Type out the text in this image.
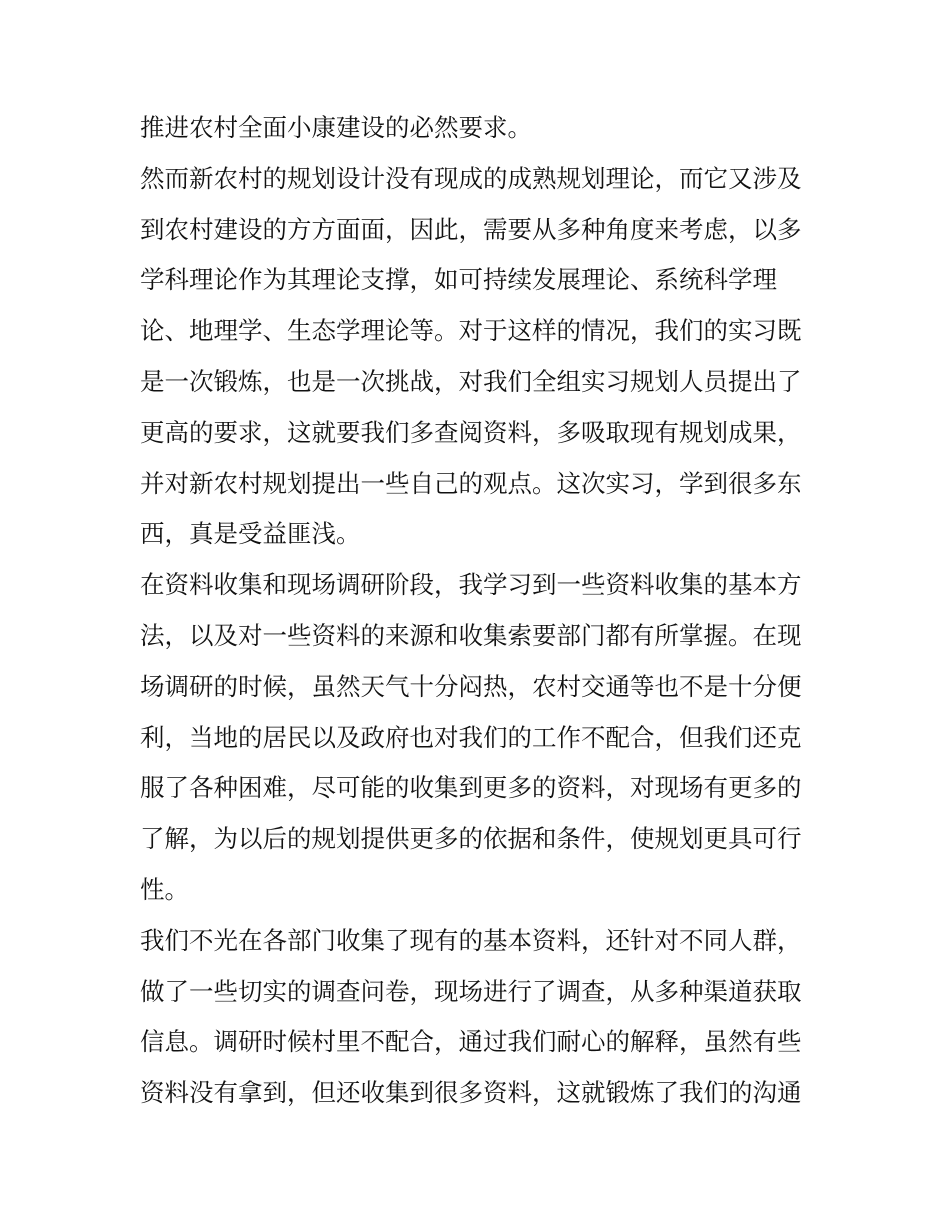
推进农村全面小康建设的必然要求。
然而新农村的规划设计没有现成的成熟规划理论，而它又涉及
到农村建设的方方面面，因此，需要从多种角度来考虑，以多
学科理论作为其理论支撑，如可持续发展理论、系统科学理
论、地理学、生态学理论等。对于这样的情况，我们的实习既
是一次锻炼，也是一次挑战，对我们全组实习规划人员提出了
更高的要求，这就要我们多查阅资料，多吸取现有规划成果，
并对新农村规划提出一些自己的观点。这次实习，学到很多东
西，真是受益匪浅。
在资料收集和现场调研阶段，我学习到一些资料收集的基本方
法，以及对一些资料的来源和收集索要部门都有所掌握。在现
场调研的时候，虽然天气十分闷热，农村交通等也不是十分便
利，当地的居民以及政府也对我们的工作不配合，但我们还克
服了各种困难，尽可能的收集到更多的资料，对现场有更多的
了解，为以后的规划提供更多的依据和条件，使规划更具可行
性。
我们不光在各部门收集了现有的基本资料，还针对不同人群，
做了一些切实的调查问卷，现场进行了调查，从多种渠道获取
信息。调研时候村里不配合，通过我们耐心的解释，虽然有些
资料没有拿到，但还收集到很多资料，这就锻炼了我们的沟通
